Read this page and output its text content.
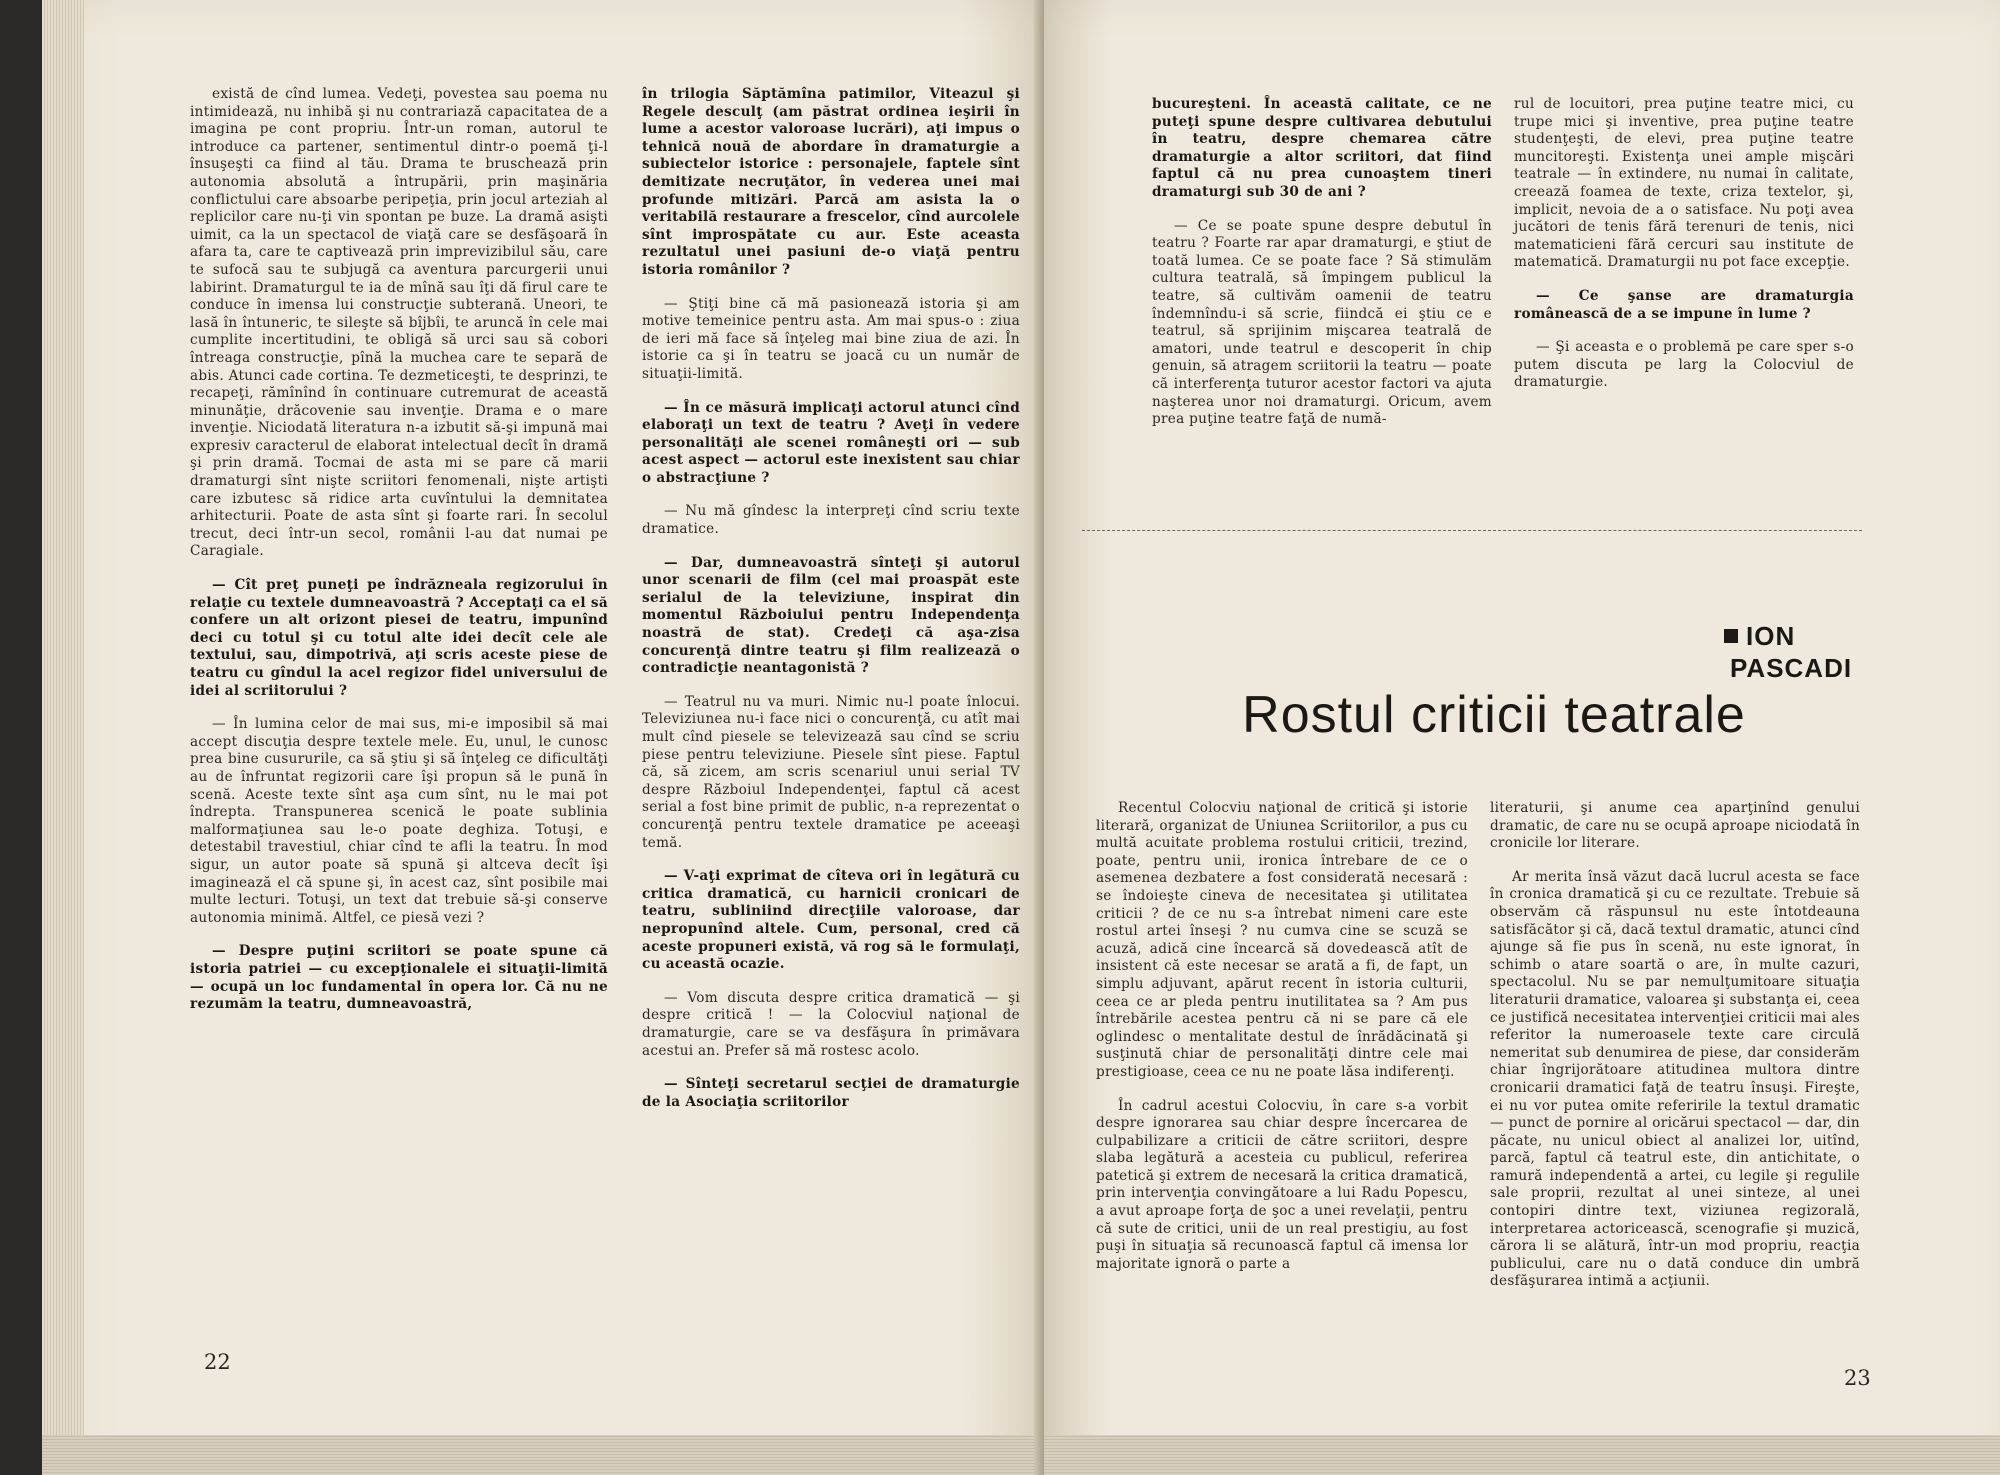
există de cînd lumea. Vedeţi, povestea sau poema nu intimidează, nu inhibă şi nu contrariază capacitatea de a imagina pe cont propriu. Într-un roman, autorul te introduce ca partener, sentimentul dintr-o poemă ţi-l însuşeşti ca fiind al tău. Drama te bruschează prin autonomia absolută a întrupării, prin maşinăria conflictului care absoarbe peripeţia, prin jocul arteziah al replicilor care nu-ţi vin spontan pe buze. La dramă asişti uimit, ca la un spectacol de viaţă care se desfăşoară în afara ta, care te captivează prin imprevizibilul său, care te sufocă sau te subjugă ca aventura parcurgerii unui labirint. Dramaturgul te ia de mînă sau îţi dă firul care te conduce în imensa lui construcţie subterană. Uneori, te lasă în întuneric, te sileşte să bîjbîi, te aruncă în cele mai cumplite incertitudini, te obligă să urci sau să cobori întreaga construcţie, pînă la muchea care te separă de abis. Atunci cade cortina. Te dezmeticeşti, te desprinzi, te recapeţi, rămînînd în continuare cutremurat de această minunăţie, drăcovenie sau invenţie. Drama e o mare invenţie. Niciodată literatura n-a izbutit să-şi impună mai expresiv caracterul de elaborat intelectual decît în dramă şi prin dramă. Tocmai de asta mi se pare că marii dramaturgi sînt nişte scriitori fenomenali, nişte artişti care izbutesc să ridice arta cuvîntului la demnitatea arhitecturii. Poate de asta sînt şi foarte rari. În secolul trecut, deci într-un secol, românii l-au dat numai pe Caragiale.

— Cît preţ puneţi pe îndrăzneala regizorului în relaţie cu textele dumneavoastră ? Acceptaţi ca el să confere un alt orizont piesei de teatru, impunînd deci cu totul şi cu totul alte idei decît cele ale textului, sau, dimpotrivă, aţi scris aceste piese de teatru cu gîndul la acel regizor fidel universului de idei al scriitorului ?

— În lumina celor de mai sus, mi-e imposibil să mai accept discuţia despre textele mele. Eu, unul, le cunosc prea bine cusururile, ca să ştiu şi să înţeleg ce dificultăţi au de înfruntat regizorii care îşi propun să le pună în scenă. Aceste texte sînt aşa cum sînt, nu le mai pot îndrepta. Transpunerea scenică le poate sublinia malformaţiunea sau le-o poate deghiza. Totuşi, e detestabil travestiul, chiar cînd te afli la teatru. În mod sigur, un autor poate să spună şi altceva decît îşi imaginează el că spune şi, în acest caz, sînt posibile mai multe lecturi. Totuşi, un text dat trebuie să-şi conserve autonomia minimă. Altfel, ce piesă vezi ?

— Despre puţini scriitori se poate spune că istoria patriei — cu excepţionalele ei situaţii-limită — ocupă un loc fundamental în opera lor. Că nu ne rezumăm la teatru, dumneavoastră,

în trilogia Săptămîna patimilor, Viteazul şi Regele desculţ (am păstrat ordinea ieşirii în lume a acestor valoroase lucrări), aţi impus o tehnică nouă de abordare în dramaturgie a subiectelor istorice : personajele, faptele sînt demitizate necruţător, în vederea unei mai profunde mitizări. Parcă am asista la o veritabilă restaurare a frescelor, cînd aurcolele sînt improspătate cu aur. Este aceasta rezultatul unei pasiuni de-o viaţă pentru istoria românilor ?

— Ştiţi bine că mă pasionează istoria şi am motive temeinice pentru asta. Am mai spus-o : ziua de ieri mă face să înţeleg mai bine ziua de azi. În istorie ca şi în teatru se joacă cu un număr de situaţii-limită.

— În ce măsură implicaţi actorul atunci cînd elaboraţi un text de teatru ? Aveţi în vedere personalităţi ale scenei româneşti ori — sub acest aspect — actorul este inexistent sau chiar o abstracţiune ?

— Nu mă gîndesc la interpreţi cînd scriu texte dramatice.

— Dar, dumneavoastră sînteţi şi autorul unor scenarii de film (cel mai proaspăt este serialul de la televiziune, inspirat din momentul Războiului pentru Independenţa noastră de stat). Credeţi că aşa-zisa concurenţă dintre teatru şi film realizează o contradicţie neantagonistă ?

— Teatrul nu va muri. Nimic nu-l poate înlocui. Televiziunea nu-i face nici o concurenţă, cu atît mai mult cînd piesele se televizează sau cînd se scriu piese pentru televiziune. Piesele sînt piese. Faptul că, să zicem, am scris scenariul unui serial TV despre Războiul Independenţei, faptul că acest serial a fost bine primit de public, n-a reprezentat o concurenţă pentru textele dramatice pe aceeaşi temă.

— V-aţi exprimat de cîteva ori în legătură cu critica dramatică, cu harnicii cronicari de teatru, subliniind direcţiile valoroase, dar nepropunînd altele. Cum, personal, cred că aceste propuneri există, vă rog să le formulaţi, cu această ocazie.

— Vom discuta despre critica dramatică — şi despre critică ! — la Colocviul naţional de dramaturgie, care se va desfăşura în primăvara acestui an. Prefer să mă rostesc acolo.

— Sînteţi secretarul secţiei de dramaturgie de la Asociaţia scriitorilor

22

bucureşteni. În această calitate, ce ne puteţi spune despre cultivarea debutului în teatru, despre chemarea către dramaturgie a altor scriitori, dat fiind faptul că nu prea cunoaştem tineri dramaturgi sub 30 de ani ?

— Ce se poate spune despre debutul în teatru ? Foarte rar apar dramaturgi, e ştiut de toată lumea. Ce se poate face ? Să stimulăm cultura teatrală, să împingem publicul la teatre, să cultivăm oamenii de teatru îndemnîndu-i să scrie, fiindcă ei ştiu ce e teatrul, să sprijinim mişcarea teatrală de amatori, unde teatrul e descoperit în chip genuin, să atragem scriitorii la teatru — poate că interferenţa tuturor acestor factori va ajuta naşterea unor noi dramaturgi. Oricum, avem prea puţine teatre faţă de numă-

rul de locuitori, prea puţine teatre mici, cu trupe mici şi inventive, prea puţine teatre studenţeşti, de elevi, prea puţine teatre muncitoreşti. Existenţa unei ample mişcări teatrale — în extindere, nu numai în calitate, creează foamea de texte, criza textelor, şi, implicit, nevoia de a o satisface. Nu poţi avea jucători de tenis fără terenuri de tenis, nici matematicieni fără cercuri sau institute de matematică. Dramaturgii nu pot face excepţie.

— Ce şanse are dramaturgia românească de a se impune în lume ?

— Şi aceasta e o problemă pe care sper s-o putem discuta pe larg la Colocviul de dramaturgie.

ION
PASCADI
Rostul criticii teatrale

Recentul Colocviu naţional de critică şi istorie literară, organizat de Uniunea Scriitorilor, a pus cu multă acuitate problema rostului criticii, trezind, poate, pentru unii, ironica întrebare de ce o asemenea dezbatere a fost considerată necesară : se îndoieşte cineva de necesitatea şi utilitatea criticii ? de ce nu s-a întrebat nimeni care este rostul artei înseşi ? nu cumva cine se scuză se acuză, adică cine încearcă să dovedească atît de insistent că este necesar se arată a fi, de fapt, un simplu adjuvant, apărut recent în istoria culturii, ceea ce ar pleda pentru inutilitatea sa ? Am pus întrebările acestea pentru că ni se pare că ele oglindesc o mentalitate destul de înrădăcinată şi susţinută chiar de personalităţi dintre cele mai prestigioase, ceea ce nu ne poate lăsa indiferenţi.

În cadrul acestui Colocviu, în care s-a vorbit despre ignorarea sau chiar despre încercarea de culpabilizare a criticii de către scriitori, despre slaba legătură a acesteia cu publicul, referirea patetică şi extrem de necesară la critica dramatică, prin intervenţia convingătoare a lui Radu Popescu, a avut aproape forţa de şoc a unei revelaţii, pentru că sute de critici, unii de un real prestigiu, au fost puşi în situaţia să recunoască faptul că imensa lor majoritate ignoră o parte a

literaturii, şi anume cea aparţinînd genului dramatic, de care nu se ocupă aproape niciodată în cronicile lor literare.

Ar merita însă văzut dacă lucrul acesta se face în cronica dramatică şi cu ce rezultate. Trebuie să observăm că răspunsul nu este întotdeauna satisfăcător şi că, dacă textul dramatic, atunci cînd ajunge să fie pus în scenă, nu este ignorat, în schimb o atare soartă o are, în multe cazuri, spectacolul. Nu se par nemulţumitoare situaţia literaturii dramatice, valoarea şi substanţa ei, ceea ce justifică necesitatea intervenţiei criticii mai ales referitor la numeroasele texte care circulă nemeritat sub denumirea de piese, dar considerăm chiar îngrijorătoare atitudinea multora dintre cronicarii dramatici faţă de teatru însuşi. Fireşte, ei nu vor putea omite referirile la textul dramatic — punct de pornire al oricărui spectacol — dar, din păcate, nu unicul obiect al analizei lor, uitînd, parcă, faptul că teatrul este, din antichitate, o ramură independentă a artei, cu legile şi regulile sale proprii, rezultat al unei sinteze, al unei contopiri dintre text, viziunea regizorală, interpretarea actoricească, scenografie şi muzică, cărora li se alătură, într-un mod propriu, reacţia publicului, care nu o dată conduce din umbră desfăşurarea intimă a acţiunii.

23
